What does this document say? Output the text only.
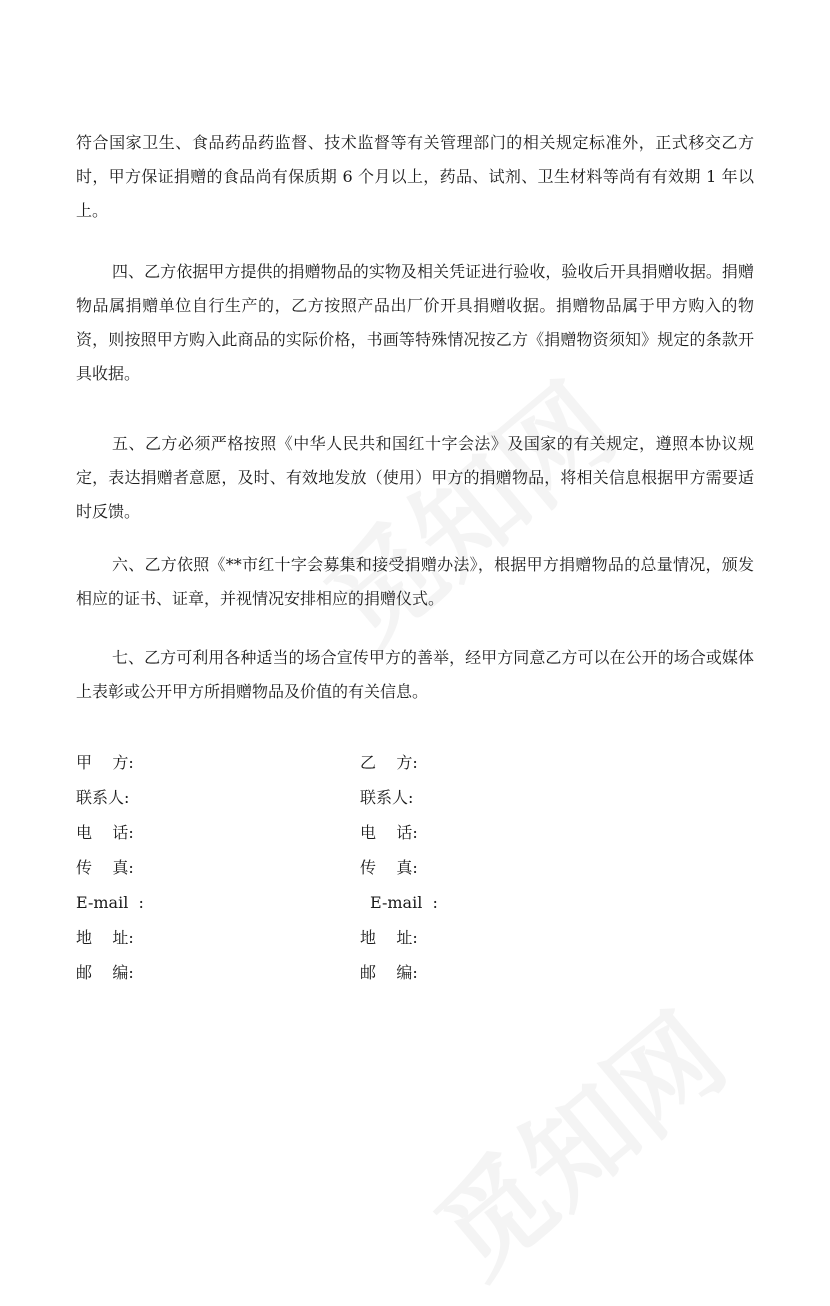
符合国家卫生、食品药品药监督、技术监督等有关管理部门的相关规定标准外，正式移交乙方时，甲方保证捐赠的食品尚有保质期 6 个月以上，药品、试剂、卫生材料等尚有有效期 1 年以上。

四、乙方依据甲方提供的捐赠物品的实物及相关凭证进行验收，验收后开具捐赠收据。捐赠物品属捐赠单位自行生产的，乙方按照产品出厂价开具捐赠收据。捐赠物品属于甲方购入的物资，则按照甲方购入此商品的实际价格，书画等特殊情况按乙方《捐赠物资须知》规定的条款开具收据。

五、乙方必须严格按照《中华人民共和国红十字会法》及国家的有关规定，遵照本协议规定，表达捐赠者意愿，及时、有效地发放（使用）甲方的捐赠物品，将相关信息根据甲方需要适时反馈。

六、乙方依照《**市红十字会募集和接受捐赠办法》，根据甲方捐赠物品的总量情况，颁发相应的证书、证章，并视情况安排相应的捐赠仪式。

七、乙方可利用各种适当的场合宣传甲方的善举，经甲方同意乙方可以在公开的场合或媒体上表彰或公开甲方所捐赠物品及价值的有关信息。

甲    方:	乙    方:
联系人:	联系人:
电    话:	电    话:
传    真:	传    真:
E-mail  :	E-mail  :
地    址:	地    址:
邮    编:	邮    编:
